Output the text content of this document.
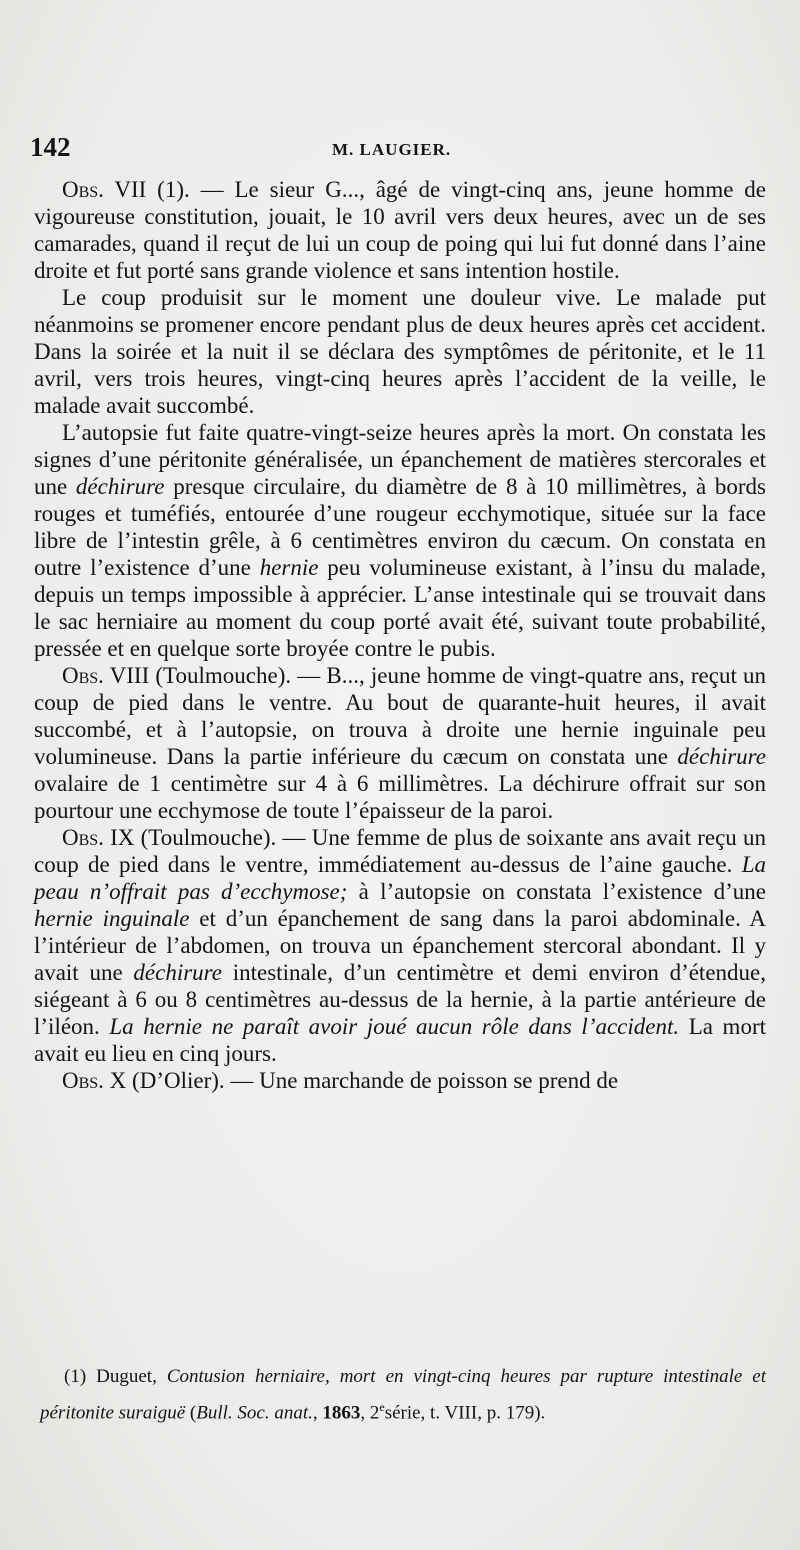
142	M. LAUGIER.

Obs. VII (1). — Le sieur G..., âgé de vingt-cinq ans, jeune homme de vigoureuse constitution, jouait, le 10 avril vers deux heures, avec un de ses camarades, quand il reçut de lui un coup de poing qui lui fut donné dans l’aine droite et fut porté sans grande violence et sans intention hostile.

Le coup produisit sur le moment une douleur vive. Le malade put néanmoins se promener encore pendant plus de deux heures après cet accident. Dans la soirée et la nuit il se déclara des symptômes de péritonite, et le 11 avril, vers trois heures, vingt-cinq heures après l’accident de la veille, le malade avait succombé.

L’autopsie fut faite quatre-vingt-seize heures après la mort. On constata les signes d’une péritonite généralisée, un épanchement de matières stercorales et une déchirure presque circulaire, du diamètre de 8 à 10 millimètres, à bords rouges et tuméfiés, entourée d’une rougeur ecchymotique, située sur la face libre de l’intestin grêle, à 6 centimètres environ du cæcum. On constata en outre l’existence d’une hernie peu volumineuse existant, à l’insu du malade, depuis un temps impossible à apprécier. L’anse intestinale qui se trouvait dans le sac herniaire au moment du coup porté avait été, suivant toute probabilité, pressée et en quelque sorte broyée contre le pubis.

Obs. VIII (Toulmouche). — B..., jeune homme de vingt-quatre ans, reçut un coup de pied dans le ventre. Au bout de quarante-huit heures, il avait succombé, et à l’autopsie, on trouva à droite une hernie inguinale peu volumineuse. Dans la partie inférieure du cæcum on constata une déchirure ovalaire de 1 centimètre sur 4 à 6 millimètres. La déchirure offrait sur son pourtour une ecchymose de toute l’épaisseur de la paroi.

Obs. IX (Toulmouche). — Une femme de plus de soixante ans avait reçu un coup de pied dans le ventre, immédiatement au-dessus de l’aine gauche. La peau n’offrait pas d’ecchymose; à l’autopsie on constata l’existence d’une hernie inguinale et d’un épanchement de sang dans la paroi abdominale. A l’intérieur de l’abdomen, on trouva un épanchement stercoral abondant. Il y avait une déchirure intestinale, d’un centimètre et demi environ d’étendue, siégeant à 6 ou 8 centimètres au-dessus de la hernie, à la partie antérieure de l’iléon. La hernie ne paraît avoir joué aucun rôle dans l’accident. La mort avait eu lieu en cinq jours.

Obs. X (D’Olier). — Une marchande de poisson se prend de

(1) Duguet, Contusion herniaire, mort en vingt-cinq heures par rupture intestinale et péritonite suraiguë (Bull. Soc. anat., 1863, 2esérie, t. VIII, p. 179).
